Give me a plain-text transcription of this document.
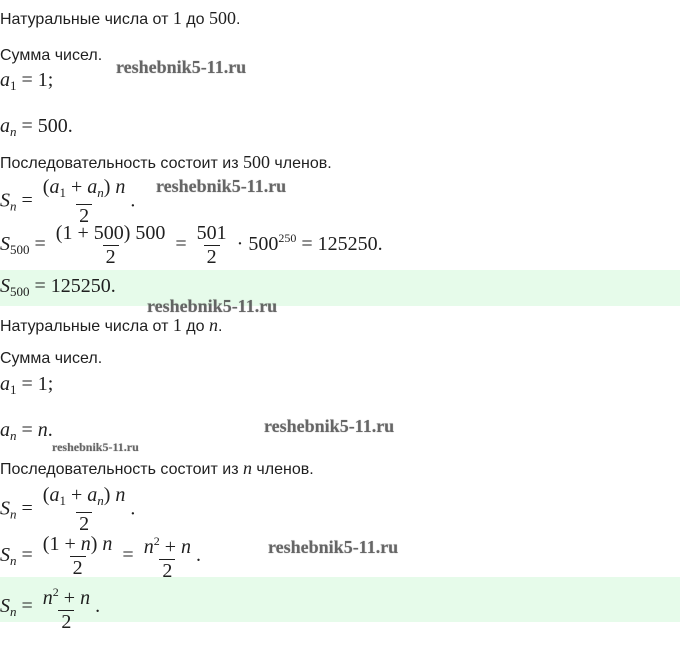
Натуральные числа от 1 до 500.
Сумма чисел.
$a_1 = 1$;
$a_n = 500$.
Последовательность состоит из 500 членов.
$S_n = \frac{(a_1 + a_n) n}{2}$ .
$S_{500} = \frac{(1 + 500) 500}{2} = \frac{501}{2} \cdot 500^{250} = 125250$.
$S_{500} = 125250$.
Натуральные числа от 1 до n.
Сумма чисел.
$a_1 = 1$;
$a_n = n$.
Последовательность состоит из n членов.
$S_n = \frac{(a_1 + a_n) n}{2}$ .
$S_n = \frac{(1 + n) n}{2} = \frac{n^2 + n}{2}$ .
$S_n = \frac{n^2 + n}{2}$ .
reshebnik5-11.ru
reshebnik5-11.ru
reshebnik5-11.ru
reshebnik5-11.ru
reshebnik5-11.ru
reshebnik5-11.ru
